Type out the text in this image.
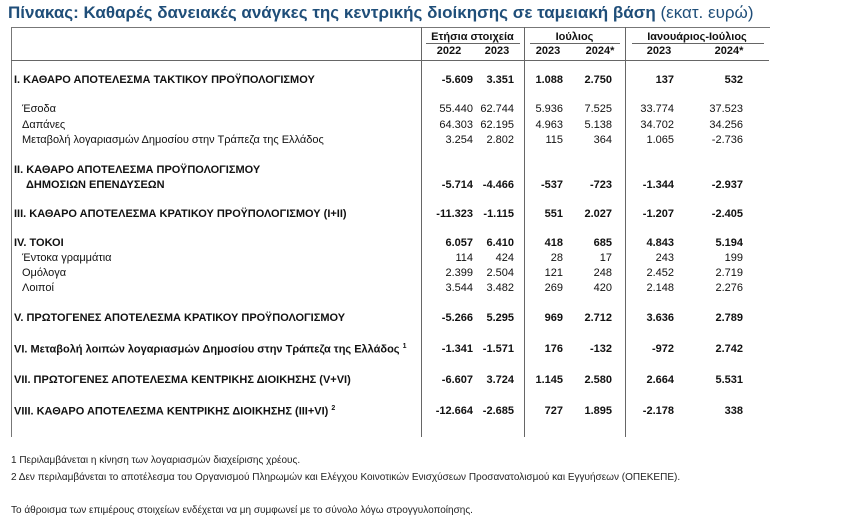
Πίνακας: Καθαρές δανειακές ανάγκες της κεντρικής διοίκησης σε ταμειακή βάση (εκατ. ευρώ)
Ετήσια στοιχεία	Ιούλιος	Ιανουάριος-Ιούλιος
2022	2023	2023	2024*	2023	2024*
I. ΚΑΘΑΡΟ ΑΠΟΤΕΛΕΣΜΑ ΤΑΚΤΙΚΟΥ ΠΡΟΫΠΟΛΟΓΙΣΜΟΥ	-5.609	3.351	1.088	2.750	137	532
Έσοδα	55.440 62.744	5.936	7.525	33.774	37.523
Δαπάνες	64.303 62.195	4.963	5.138	34.702	34.256
Μεταβολή λογαριασμών Δημοσίου στην Τράπεζα της Ελλάδος	3.254	2.802	115	364	1.065	-2.736
II. ΚΑΘΑΡΟ ΑΠΟΤΕΛΕΣΜΑ ΠΡΟΫΠΟΛΟΓΙΣΜΟΥ
ΔΗΜΟΣΙΩΝ ΕΠΕΝΔΥΣΕΩΝ	-5.714 -4.466	-537	-723	-1.344	-2.937
III. ΚΑΘΑΡΟ ΑΠΟΤΕΛΕΣΜΑ ΚΡΑΤΙΚΟΥ ΠΡΟΫΠΟΛΟΓΙΣΜΟΥ (I+II)	-11.323 -1.115	551	2.027	-1.207	-2.405
IV. ΤΟΚΟΙ	6.057	6.410	418	685	4.843	5.194
Έντοκα γραμμάτια	114	424	28	17	243	199
Ομόλογα	2.399	2.504	121	248	2.452	2.719
Λοιποί	3.544	3.482	269	420	2.148	2.276
V. ΠΡΩΤΟΓΕΝΕΣ ΑΠΟΤΕΛΕΣΜΑ ΚΡΑΤΙΚΟΥ ΠΡΟΫΠΟΛΟΓΙΣΜΟΥ	-5.266	5.295	969	2.712	3.636	2.789
VI. Μεταβολή λοιπών λογαριασμών Δημοσίου στην Τράπεζα της Ελλάδος $^1$	-1.341 -1.571	176	-132	-972	2.742
VII. ΠΡΩΤΟΓΕΝΕΣ ΑΠΟΤΕΛΕΣΜΑ ΚΕΝΤΡΙΚΗΣ ΔΙΟΙΚΗΣΗΣ (V+VI)	-6.607	3.724	1.145	2.580	2.664	5.531
VIII. ΚΑΘΑΡΟ ΑΠΟΤΕΛΕΣΜΑ ΚΕΝΤΡΙΚΗΣ ΔΙΟΙΚΗΣΗΣ (III+VI) $^2$	-12.664 -2.685	727	1.895	-2.178	338
1 Περιλαμβάνεται η κίνηση των λογαριασμών διαχείρισης χρέους.
2 Δεν περιλαμβάνεται το αποτέλεσμα του Οργανισμού Πληρωμών και Ελέγχου Κοινοτικών Ενισχύσεων Προσανατολισμού και Εγγυήσεων (ΟΠΕΚΕΠΕ).
Το άθροισμα των επιμέρους στοιχείων ενδέχεται να μη συμφωνεί με το σύνολο λόγω στρογγυλοποίησης.
